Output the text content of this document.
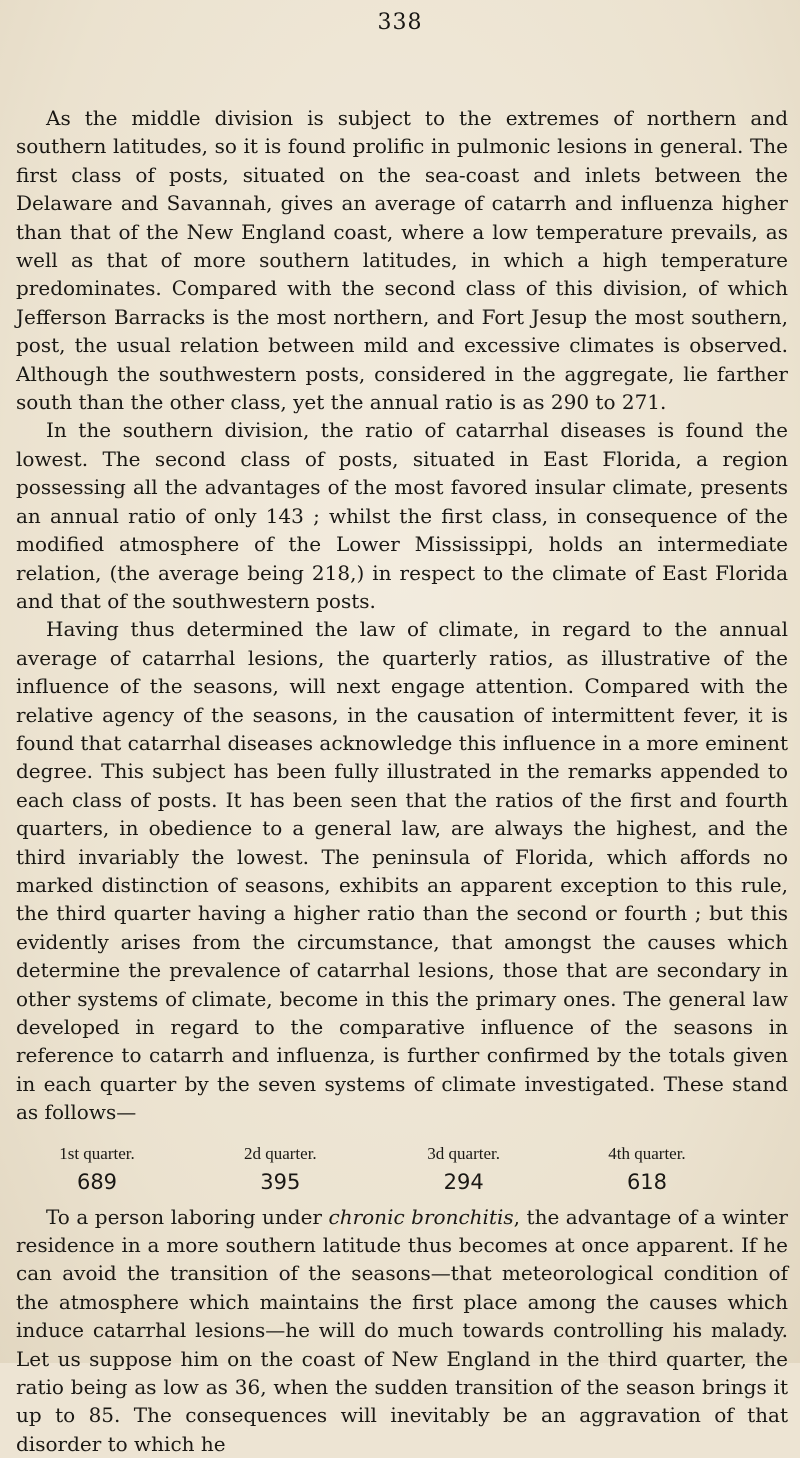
338

As the middle division is subject to the extremes of northern and southern latitudes, so it is found prolific in pulmonic lesions in general. The first class of posts, situated on the sea-coast and inlets between the Delaware and Savannah, gives an average of catarrh and influenza higher than that of the New England coast, where a low temperature prevails, as well as that of more southern latitudes, in which a high temperature predominates. Compared with the second class of this division, of which Jefferson Barracks is the most northern, and Fort Jesup the most southern, post, the usual relation between mild and excessive climates is observed. Although the southwestern posts, considered in the aggregate, lie farther south than the other class, yet the annual ratio is as 290 to 271.

In the southern division, the ratio of catarrhal diseases is found the lowest. The second class of posts, situated in East Florida, a region possessing all the advantages of the most favored insular climate, presents an annual ratio of only 143 ; whilst the first class, in consequence of the modified atmosphere of the Lower Mississippi, holds an intermediate relation, (the average being 218,) in respect to the climate of East Florida and that of the southwestern posts.

Having thus determined the law of climate, in regard to the annual average of catarrhal lesions, the quarterly ratios, as illustrative of the influence of the seasons, will next engage attention. Compared with the relative agency of the seasons, in the causation of intermittent fever, it is found that catarrhal diseases acknowledge this influence in a more eminent degree. This subject has been fully illustrated in the remarks appended to each class of posts. It has been seen that the ratios of the first and fourth quarters, in obedience to a general law, are always the highest, and the third invariably the lowest. The peninsula of Florida, which affords no marked distinction of seasons, exhibits an apparent exception to this rule, the third quarter having a higher ratio than the second or fourth ; but this evidently arises from the circumstance, that amongst the causes which determine the prevalence of catarrhal lesions, those that are secondary in other systems of climate, become in this the primary ones. The general law developed in regard to the comparative influence of the seasons in reference to catarrh and influenza, is further confirmed by the totals given in each quarter by the seven systems of climate investigated. These stand as follows—

1st quarter.
689
2d quarter.
395
3d quarter.
294
4th quarter.
618

To a person laboring under chronic bronchitis, the advantage of a winter residence in a more southern latitude thus becomes at once apparent. If he can avoid the transition of the seasons—that meteorological condition of the atmosphere which maintains the first place among the causes which induce catarrhal lesions—he will do much towards controlling his malady. Let us suppose him on the coast of New England in the third quarter, the ratio being as low as 36, when the sudden transition of the season brings it up to 85. The consequences will inevitably be an aggravation of that disorder to which he
